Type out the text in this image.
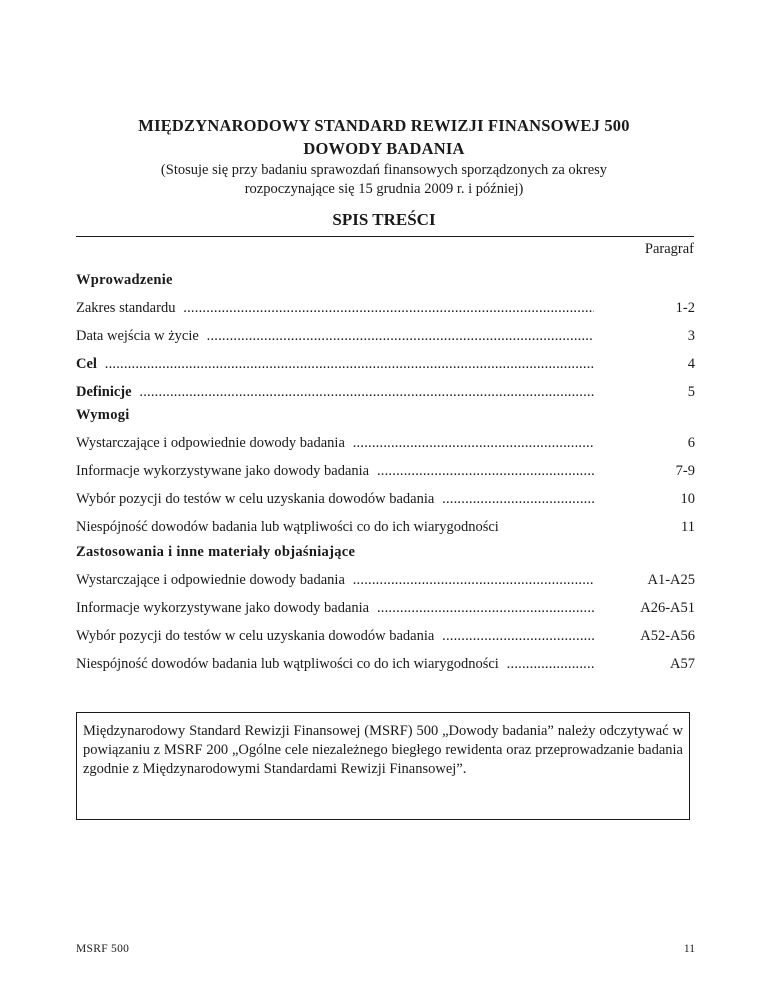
MIĘDZYNARODOWY STANDARD REWIZJI FINANSOWEJ 500
DOWODY BADANIA
(Stosuje się przy badaniu sprawozdań finansowych sporządzonych za okresy
rozpoczynające się 15 grudnia 2009 r. i później)
SPIS TREŚCI
Paragraf
Wprowadzenie
Zakres standardu .....	1-2
Data wejścia w życie .....	3
Cel .....	4
Definicje .....	5
Wymogi
Wystarczające i odpowiednie dowody badania .....	6
Informacje wykorzystywane jako dowody badania .....	7-9
Wybór pozycji do testów w celu uzyskania dowodów badania .....	10
Niespójność dowodów badania lub wątpliwości co do ich wiarygodności	11
Zastosowania i inne materiały objaśniające
Wystarczające i odpowiednie dowody badania .....	A1-A25
Informacje wykorzystywane jako dowody badania .....	A26-A51
Wybór pozycji do testów w celu uzyskania dowodów badania .....	A52-A56
Niespójność dowodów badania lub wątpliwości co do ich wiarygodności .....	A57
Międzynarodowy Standard Rewizji Finansowej (MSRF) 500 „Dowody badania” należy odczytywać w powiązaniu z MSRF 200 „Ogólne cele niezależnego biegłego rewidenta oraz przeprowadzanie badania zgodnie z Międzynarodowymi Standardami Rewizji Finansowej”.
MSRF 500	11
